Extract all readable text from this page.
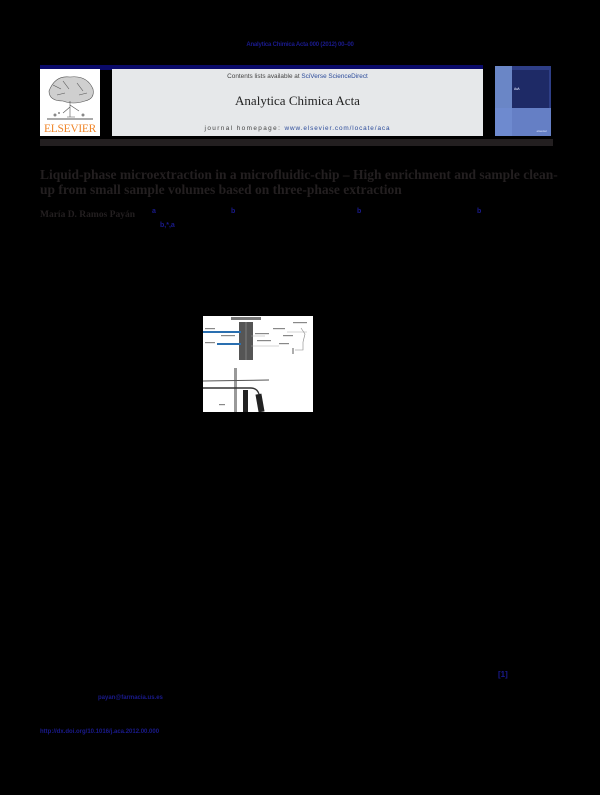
Analytica Chimica Acta 000 (2012) 00–00
ELSEVIER
Contents lists available at SciVerse ScienceDirect
Analytica Chimica Acta
journal homepage: www.elsevier.com/locate/aca
ᴬᶜᴬ
elsevier
Liquid-phase microextraction in a microfluidic-chip – High enrichment and sample clean-up from small sample volumes based on three-phase extraction
María D. Ramos Payán a	b	b	b
b,*,a
[1]
payan@farmacia.us.es
http://dx.doi.org/10.1016/j.aca.2012.00.000
